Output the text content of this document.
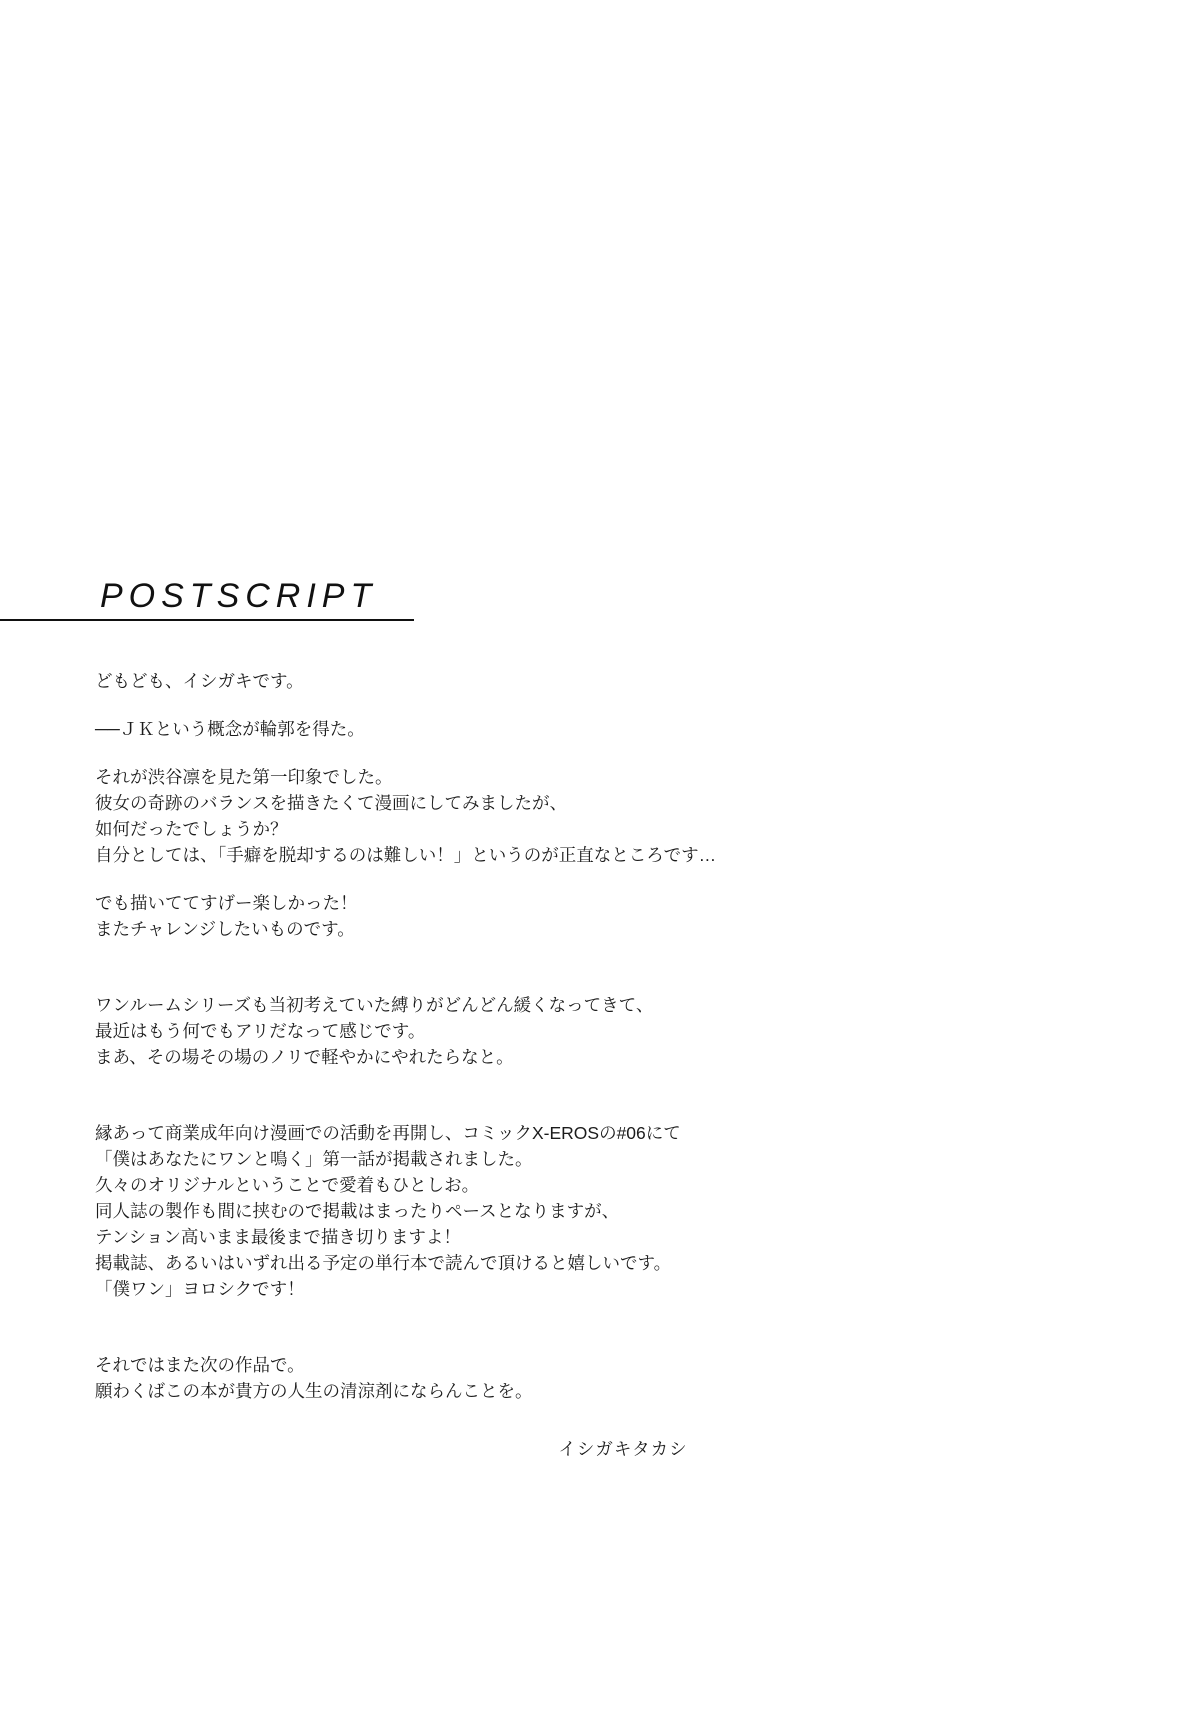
POSTSCRIPT
どもども、イシガキです。
──ＪＫという概念が輪郭を得た。
それが渋谷凛を見た第一印象でした。
彼女の奇跡のバランスを描きたくて漫画にしてみましたが、
如何だったでしょうか？
自分としては、「手癖を脱却するのは難しい！」というのが正直なところです…
でも描いててすげー楽しかった！
またチャレンジしたいものです。
ワンルームシリーズも当初考えていた縛りがどんどん緩くなってきて、
最近はもう何でもアリだなって感じです。
まあ、その場その場のノリで軽やかにやれたらなと。
縁あって商業成年向け漫画での活動を再開し、コミックX-EROSの#06にて
「僕はあなたにワンと鳴く」第一話が掲載されました。
久々のオリジナルということで愛着もひとしお。
同人誌の製作も間に挟むので掲載はまったりペースとなりますが、
テンション高いまま最後まで描き切りますよ！
掲載誌、あるいはいずれ出る予定の単行本で読んで頂けると嬉しいです。
「僕ワン」ヨロシクです！
それではまた次の作品で。
願わくばこの本が貴方の人生の清涼剤にならんことを。
イシガキタカシ
